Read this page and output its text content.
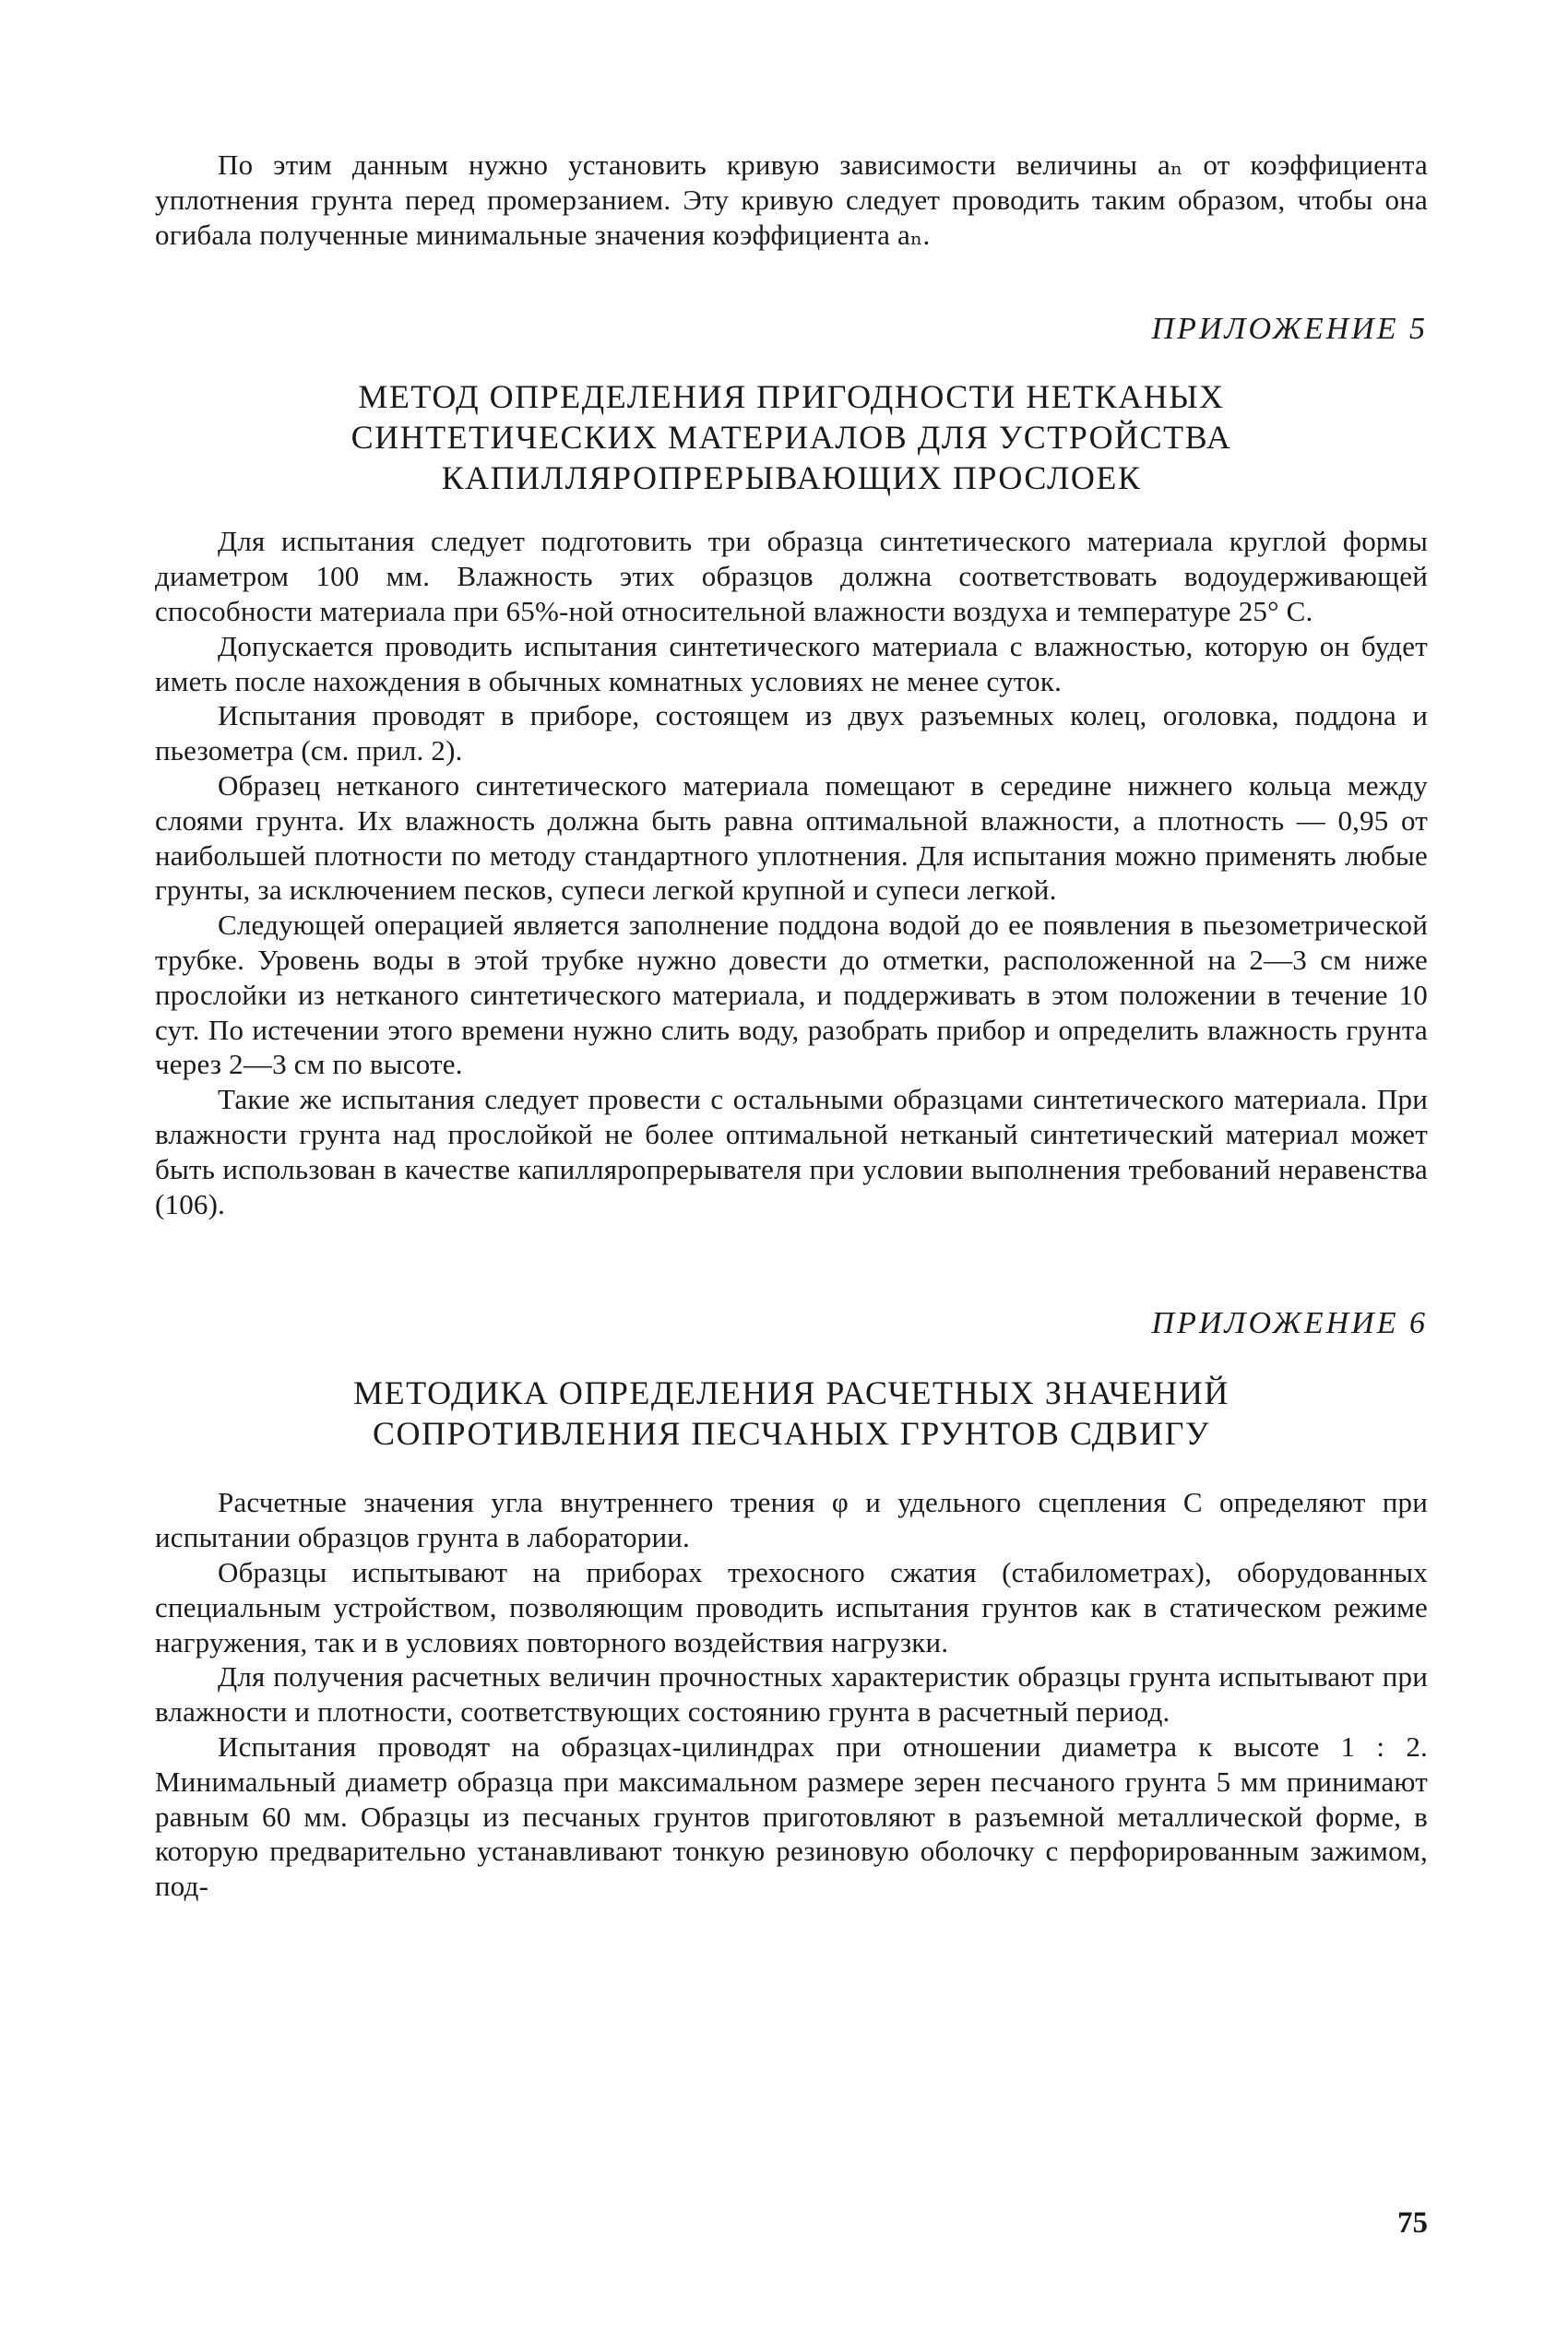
По этим данным нужно установить кривую зависимости величины aₙ от коэффициента уплотнения грунта перед промерзанием. Эту кривую следует проводить таким образом, чтобы она огибала полученные минимальные значения коэффициента aₙ.

ПРИЛОЖЕНИЕ 5
МЕТОД ОПРЕДЕЛЕНИЯ ПРИГОДНОСТИ НЕТКАНЫХ
СИНТЕТИЧЕСКИХ МАТЕРИАЛОВ ДЛЯ УСТРОЙСТВА
КАПИЛЛЯРОПРЕРЫВАЮЩИХ ПРОСЛОЕК

Для испытания следует подготовить три образца синтетического материала круглой формы диаметром 100 мм. Влажность этих образцов должна соответствовать водоудерживающей способности материала при 65%-ной относительной влажности воздуха и температуре 25° С.

Допускается проводить испытания синтетического материала с влажностью, которую он будет иметь после нахождения в обычных комнатных условиях не менее суток.

Испытания проводят в приборе, состоящем из двух разъемных колец, оголовка, поддона и пьезометра (см. прил. 2).

Образец нетканого синтетического материала помещают в середине нижнего кольца между слоями грунта. Их влажность должна быть равна оптимальной влажности, а плотность — 0,95 от наибольшей плотности по методу стандартного уплотнения. Для испытания можно применять любые грунты, за исключением песков, супеси легкой крупной и супеси легкой.

Следующей операцией является заполнение поддона водой до ее появления в пьезометрической трубке. Уровень воды в этой трубке нужно довести до отметки, расположенной на 2—3 см ниже прослойки из нетканого синтетического материала, и поддерживать в этом положении в течение 10 сут. По истечении этого времени нужно слить воду, разобрать прибор и определить влажность грунта через 2—3 см по высоте.

Такие же испытания следует провести с остальными образцами синтетического материала. При влажности грунта над прослойкой не более оптимальной нетканый синтетический материал может быть использован в качестве капилляропрерывателя при условии выполнения требований неравенства (106).

ПРИЛОЖЕНИЕ 6
МЕТОДИКА ОПРЕДЕЛЕНИЯ РАСЧЕТНЫХ ЗНАЧЕНИЙ
СОПРОТИВЛЕНИЯ ПЕСЧАНЫХ ГРУНТОВ СДВИГУ

Расчетные значения угла внутреннего трения φ и удельного сцепления С определяют при испытании образцов грунта в лаборатории.

Образцы испытывают на приборах трехосного сжатия (стабилометрах), оборудованных специальным устройством, позволяющим проводить испытания грунтов как в статическом режиме нагружения, так и в условиях повторного воздействия нагрузки.

Для получения расчетных величин прочностных характеристик образцы грунта испытывают при влажности и плотности, соответствующих состоянию грунта в расчетный период.

Испытания проводят на образцах-цилиндрах при отношении диаметра к высоте 1 : 2. Минимальный диаметр образца при максимальном размере зерен песчаного грунта 5 мм принимают равным 60 мм. Образцы из песчаных грунтов приготовляют в разъемной металлической форме, в которую предварительно устанавливают тонкую резиновую оболочку с перфорированным зажимом, под-

75
